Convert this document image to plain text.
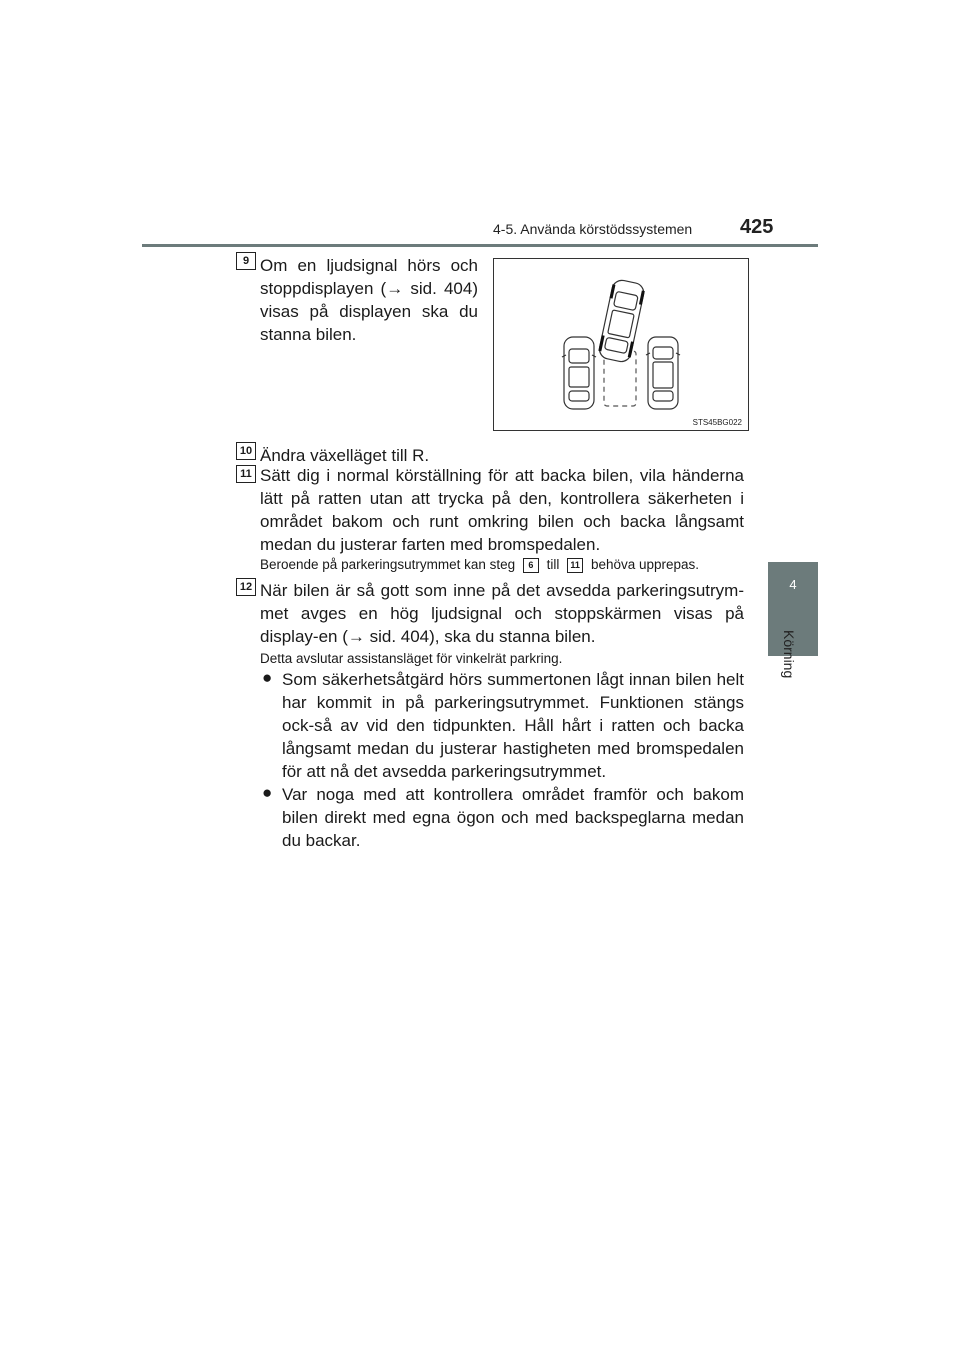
4-5. Använda körstödssystemen 425
4
Körning
9 Om en ljudsignal hörs och stoppdisplayen (→ sid. 404) visas på displayen ska du stanna bilen.
STS45BG022
10 Ändra växelläget till R.
11 Sätt dig i normal körställning för att backa bilen, vila händerna lätt på ratten utan att trycka på den, kontrollera säkerheten i området bakom och runt omkring bilen och backa långsamt medan du justerar farten med bromspedalen.
Beroende på parkeringsutrymmet kan steg 6 till 11 behöva upprepas.
12 När bilen är så gott som inne på det avsedda parkeringsutrym-met avges en hög ljudsignal och stoppskärmen visas på display-en (→ sid. 404), ska du stanna bilen.
Detta avslutar assistansläget för vinkelrät parkring.
● Som säkerhetsåtgärd hörs summertonen lågt innan bilen helt har kommit in på parkeringsutrymmet. Funktionen stängs ock-så av vid den tidpunkten. Håll hårt i ratten och backa långsamt medan du justerar hastigheten med bromspedalen för att nå det avsedda parkeringsutrymmet.
● Var noga med att kontrollera området framför och bakom bilen direkt med egna ögon och med backspeglarna medan du backar.
